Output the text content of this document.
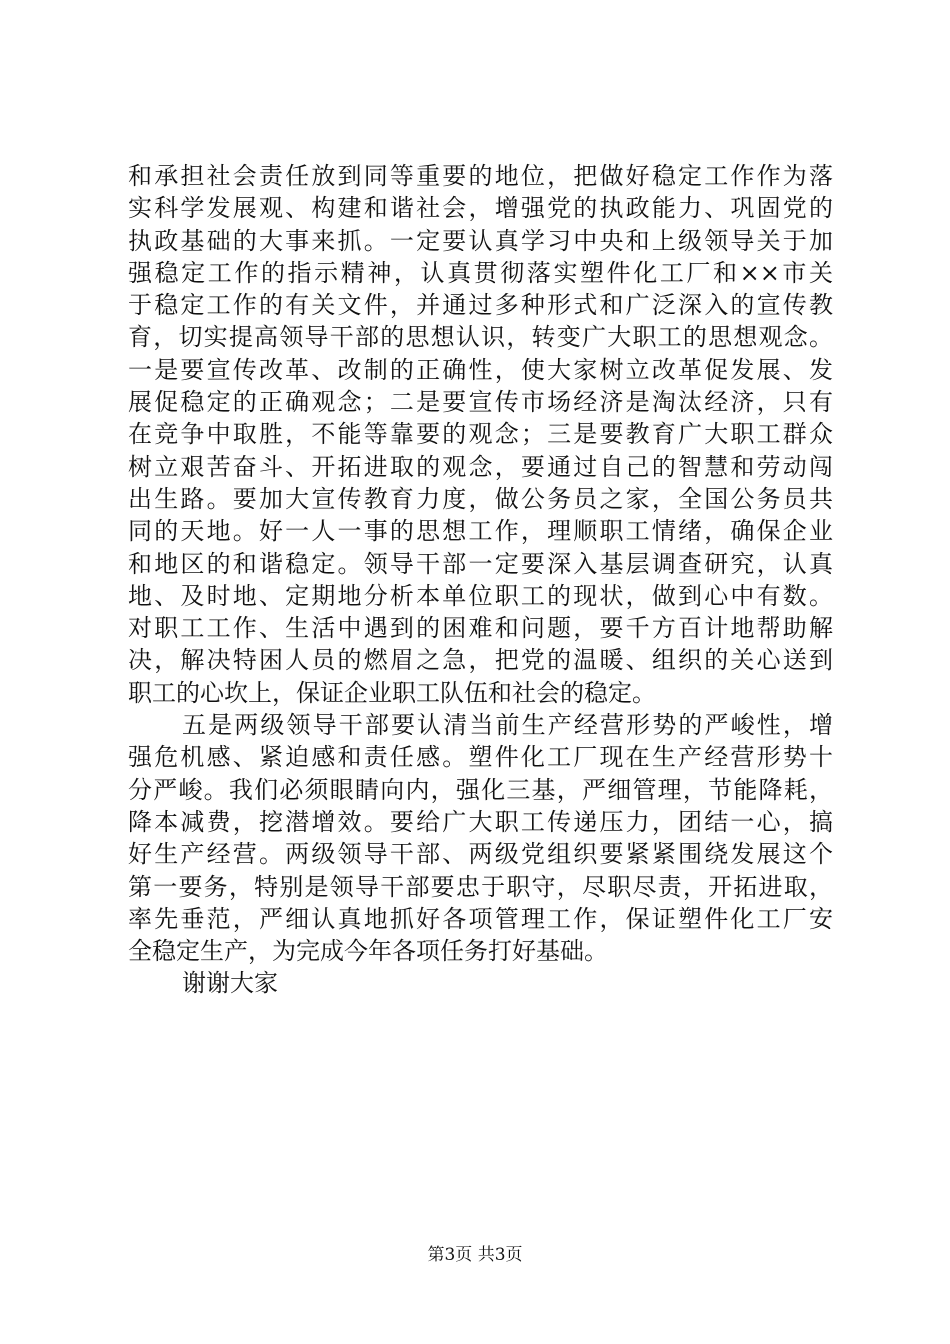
和承担社会责任放到同等重要的地位，把做好稳定工作作为落
实科学发展观、构建和谐社会，增强党的执政能力、巩固党的
执政基础的大事来抓。一定要认真学习中央和上级领导关于加
强稳定工作的指示精神，认真贯彻落实塑件化工厂和××市关
于稳定工作的有关文件，并通过多种形式和广泛深入的宣传教
育，切实提高领导干部的思想认识，转变广大职工的思想观念。
一是要宣传改革、改制的正确性，使大家树立改革促发展、发
展促稳定的正确观念；二是要宣传市场经济是淘汰经济，只有
在竞争中取胜，不能等靠要的观念；三是要教育广大职工群众
树立艰苦奋斗、开拓进取的观念，要通过自己的智慧和劳动闯
出生路。要加大宣传教育力度，做公务员之家，全国公务员共
同的天地。好一人一事的思想工作，理顺职工情绪，确保企业
和地区的和谐稳定。领导干部一定要深入基层调查研究，认真
地、及时地、定期地分析本单位职工的现状，做到心中有数。
对职工工作、生活中遇到的困难和问题，要千方百计地帮助解
决，解决特困人员的燃眉之急，把党的温暖、组织的关心送到
职工的心坎上，保证企业职工队伍和社会的稳定。
五是两级领导干部要认清当前生产经营形势的严峻性，增
强危机感、紧迫感和责任感。塑件化工厂现在生产经营形势十
分严峻。我们必须眼睛向内，强化三基，严细管理，节能降耗，
降本减费，挖潜增效。要给广大职工传递压力，团结一心，搞
好生产经营。两级领导干部、两级党组织要紧紧围绕发展这个
第一要务，特别是领导干部要忠于职守，尽职尽责，开拓进取，
率先垂范，严细认真地抓好各项管理工作，保证塑件化工厂安
全稳定生产，为完成今年各项任务打好基础。
谢谢大家
第3页 共3页
